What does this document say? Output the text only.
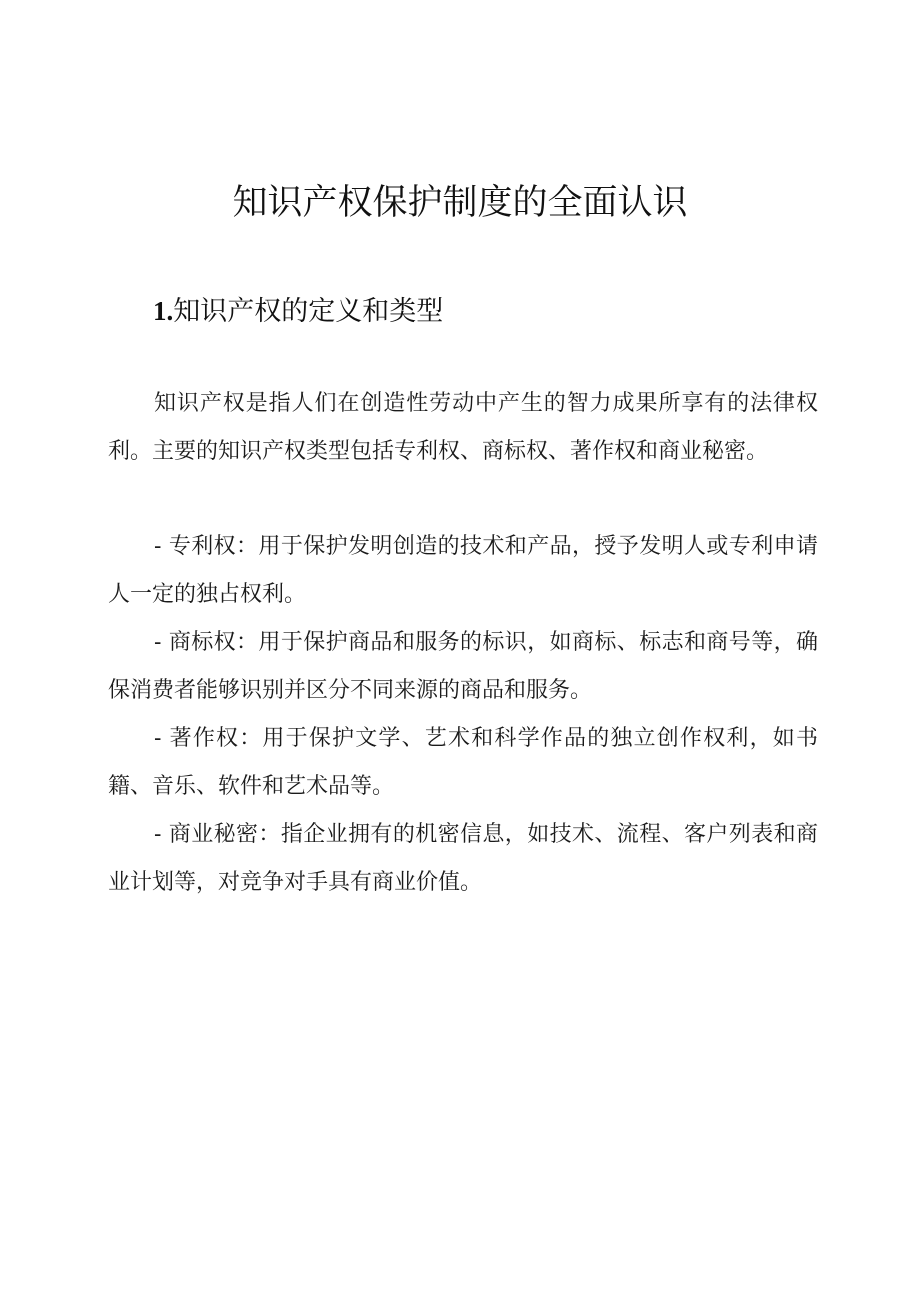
知识产权保护制度的全面认识
1.知识产权的定义和类型

知识产权是指人们在创造性劳动中产生的智力成果所享有的法律权利。主要的知识产权类型包括专利权、商标权、著作权和商业秘密。

- 专利权：用于保护发明创造的技术和产品，授予发明人或专利申请人一定的独占权利。

- 商标权：用于保护商品和服务的标识，如商标、标志和商号等，确保消费者能够识别并区分不同来源的商品和服务。

- 著作权：用于保护文学、艺术和科学作品的独立创作权利，如书籍、音乐、软件和艺术品等。

- 商业秘密：指企业拥有的机密信息，如技术、流程、客户列表和商业计划等，对竞争对手具有商业价值。
